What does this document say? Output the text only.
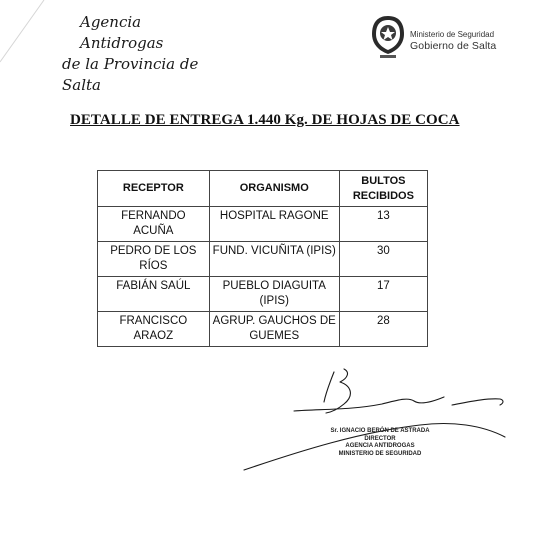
Agencia Antidrogas
de la Provincia de Salta
Ministerio de Seguridad
Gobierno de Salta
DETALLE DE ENTREGA 1.440 Kg. DE HOJAS DE COCA
RECEPTOR	ORGANISMO	BULTOS RECIBIDOS
FERNANDO ACUÑA	HOSPITAL RAGONE	13
PEDRO DE LOS RÍOS	FUND. VICUÑITA (IPIS)	30
FABIÁN SAÚL	PUEBLO DIAGUITA (IPIS)	17
FRANCISCO ARAOZ	AGRUP. GAUCHOS DE GUEMES	28
Sr. IGNACIO BERÓN DE ASTRADA
DIRECTOR
AGENCIA ANTIDROGAS
MINISTERIO DE SEGURIDAD
